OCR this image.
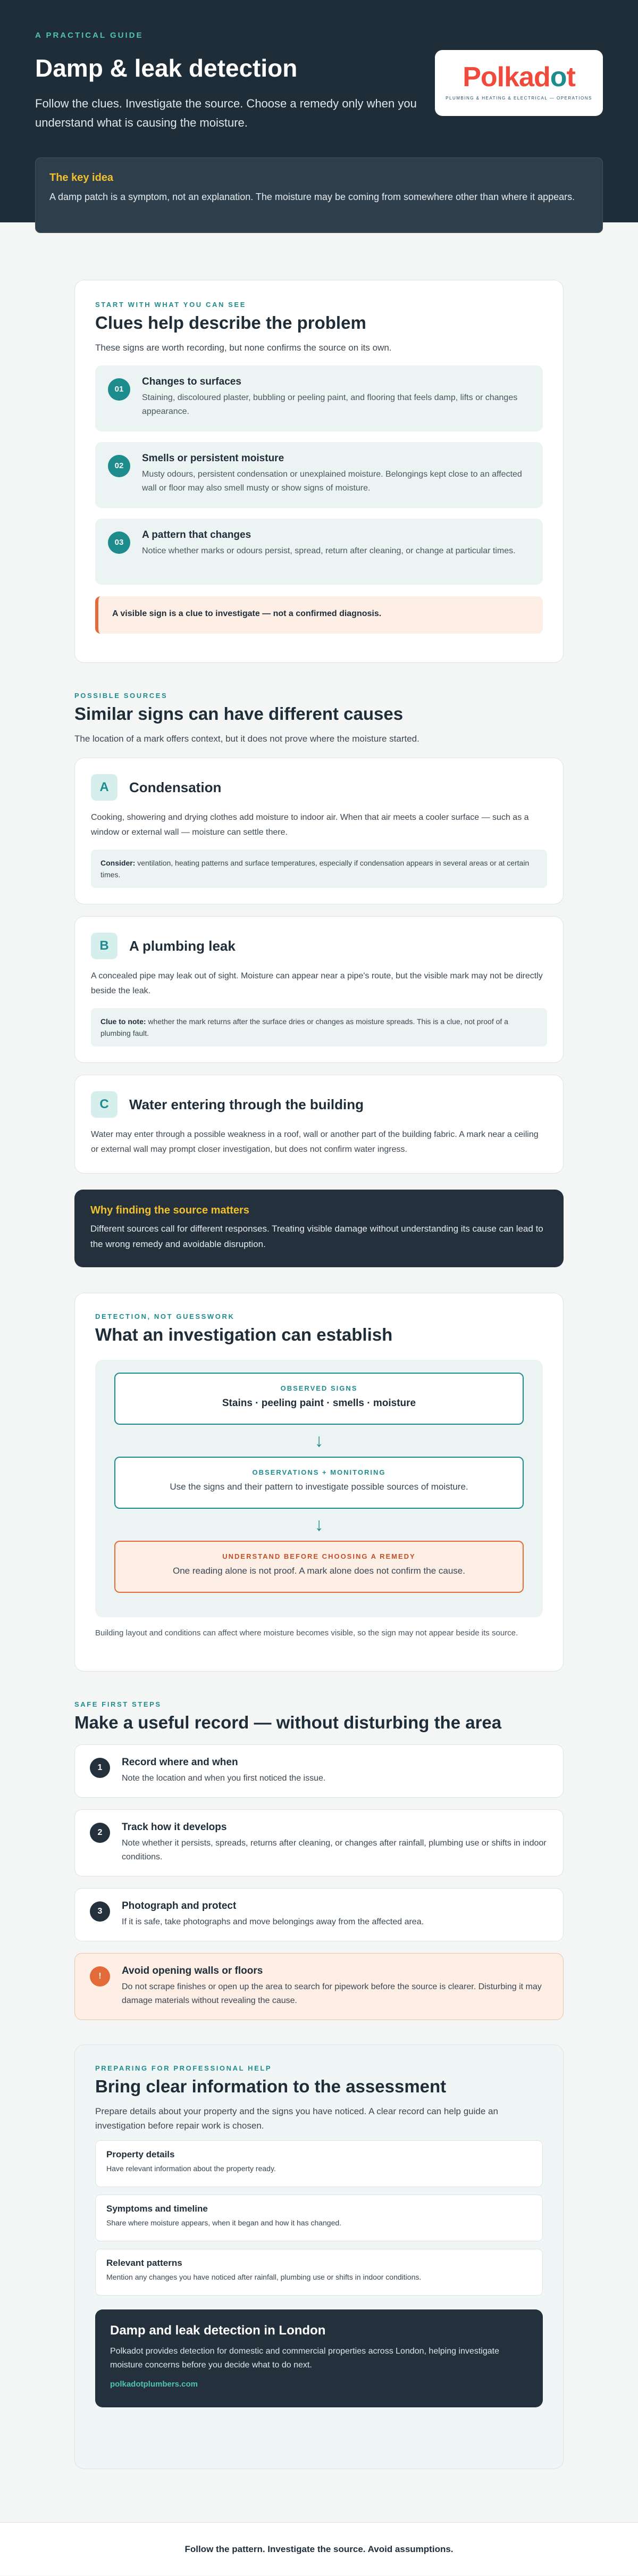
A PRACTICAL GUIDE
Damp & leak detection

Follow the clues. Investigate the source. Choose a remedy only when you understand what is causing the moisture.

Polkadot
PLUMBING & HEATING & ELECTRICAL — OPERATIONS
The key idea

A damp patch is a symptom, not an explanation. The moisture may be coming from somewhere other than where it appears.

START WITH WHAT YOU CAN SEE
Clues help describe the problem

These signs are worth recording, but none confirms the source on its own.

01
Changes to surfaces

Staining, discoloured plaster, bubbling or peeling paint, and flooring that feels damp, lifts or changes appearance.

02
Smells or persistent moisture

Musty odours, persistent condensation or unexplained moisture. Belongings kept close to an affected wall or floor may also smell musty or show signs of moisture.

03
A pattern that changes

Notice whether marks or odours persist, spread, return after cleaning, or change at particular times.

A visible sign is a clue to investigate — not a confirmed diagnosis.
POSSIBLE SOURCES
Similar signs can have different causes

The location of a mark offers context, but it does not prove where the moisture started.

A	Condensation

Cooking, showering and drying clothes add moisture to indoor air. When that air meets a cooler surface — such as a window or external wall — moisture can settle there.

Consider: ventilation, heating patterns and surface temperatures, especially if condensation appears in several areas or at certain times.
B	A plumbing leak

A concealed pipe may leak out of sight. Moisture can appear near a pipe's route, but the visible mark may not be directly beside the leak.

Clue to note: whether the mark returns after the surface dries or changes as moisture spreads. This is a clue, not proof of a plumbing fault.
C	Water entering through the building

Water may enter through a possible weakness in a roof, wall or another part of the building fabric. A mark near a ceiling or external wall may prompt closer investigation, but does not confirm water ingress.

Why finding the source matters

Different sources call for different responses. Treating visible damage without understanding its cause can lead to the wrong remedy and avoidable disruption.

DETECTION, NOT GUESSWORK
What an investigation can establish
OBSERVED SIGNS
Stains · peeling paint · smells · moisture
↓
OBSERVATIONS + MONITORING
Use the signs and their pattern to investigate possible sources of moisture.
↓
UNDERSTAND BEFORE CHOOSING A REMEDY
One reading alone is not proof. A mark alone does not confirm the cause.

Building layout and conditions can affect where moisture becomes visible, so the sign may not appear beside its source.

SAFE FIRST STEPS
Make a useful record — without disturbing the area
1	Record where and when

Note the location and when you first noticed the issue.

2	Track how it develops

Note whether it persists, spreads, returns after cleaning, or changes after rainfall, plumbing use or shifts in indoor conditions.

3	Photograph and protect

If it is safe, take photographs and move belongings away from the affected area.

!	Avoid opening walls or floors

Do not scrape finishes or open up the area to search for pipework before the source is clearer. Disturbing it may damage materials without revealing the cause.

PREPARING FOR PROFESSIONAL HELP
Bring clear information to the assessment

Prepare details about your property and the signs you have noticed. A clear record can help guide an investigation before repair work is chosen.

Property details

Have relevant information about the property ready.

Symptoms and timeline

Share where moisture appears, when it began and how it has changed.

Relevant patterns

Mention any changes you have noticed after rainfall, plumbing use or shifts in indoor conditions.

Damp and leak detection in London

Polkadot provides detection for domestic and commercial properties across London, helping investigate moisture concerns before you decide what to do next.

polkadotplumbers.com
Follow the pattern. Investigate the source. Avoid assumptions.
